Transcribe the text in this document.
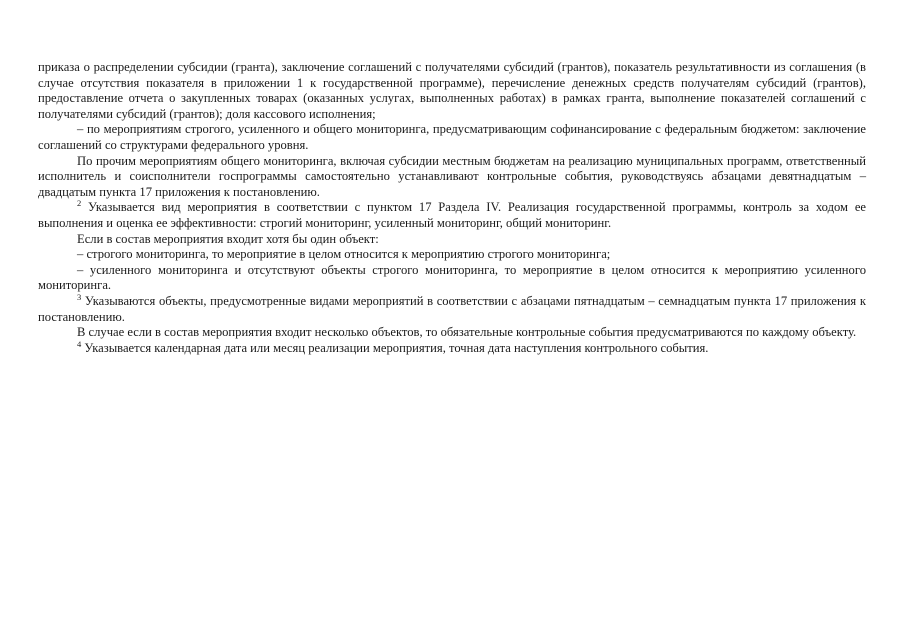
приказа о распределении субсидии (гранта), заключение соглашений с получателями субсидий (грантов), показатель результативности из соглашения (в случае отсутствия показателя в приложении 1 к государственной программе), перечисление денежных средств получателям субсидий (грантов), предоставление отчета о закупленных товарах (оказанных услугах, выполненных работах) в рамках гранта, выполнение показателей соглашений с получателями субсидий (грантов); доля кассового исполнения;

– по мероприятиям строгого, усиленного и общего мониторинга, предусматривающим софинансирование с федеральным бюджетом: заключение соглашений со структурами федерального уровня.

По прочим мероприятиям общего мониторинга, включая субсидии местным бюджетам на реализацию муниципальных программ, ответственный исполнитель и соисполнители госпрограммы самостоятельно устанавливают контрольные события, руководствуясь абзацами девятнадцатым – двадцатым пункта 17 приложения к постановлению.

$^2$ Указывается вид мероприятия в соответствии с пунктом 17 Раздела IV. Реализация государственной программы, контроль за ходом ее выполнения и оценка ее эффективности: строгий мониторинг, усиленный мониторинг, общий мониторинг.

Если в состав мероприятия входит хотя бы один объект:

– строгого мониторинга, то мероприятие в целом относится к мероприятию строгого мониторинга;

– усиленного мониторинга и отсутствуют объекты строгого мониторинга, то мероприятие в целом относится к мероприятию усиленного мониторинга.

$^3$ Указываются объекты, предусмотренные видами мероприятий в соответствии с абзацами пятнадцатым – семнадцатым пункта 17 приложения к постановлению.

В случае если в состав мероприятия входит несколько объектов, то обязательные контрольные события предусматриваются по каждому объекту.

$^4$ Указывается календарная дата или месяц реализации мероприятия, точная дата наступления контрольного события.
